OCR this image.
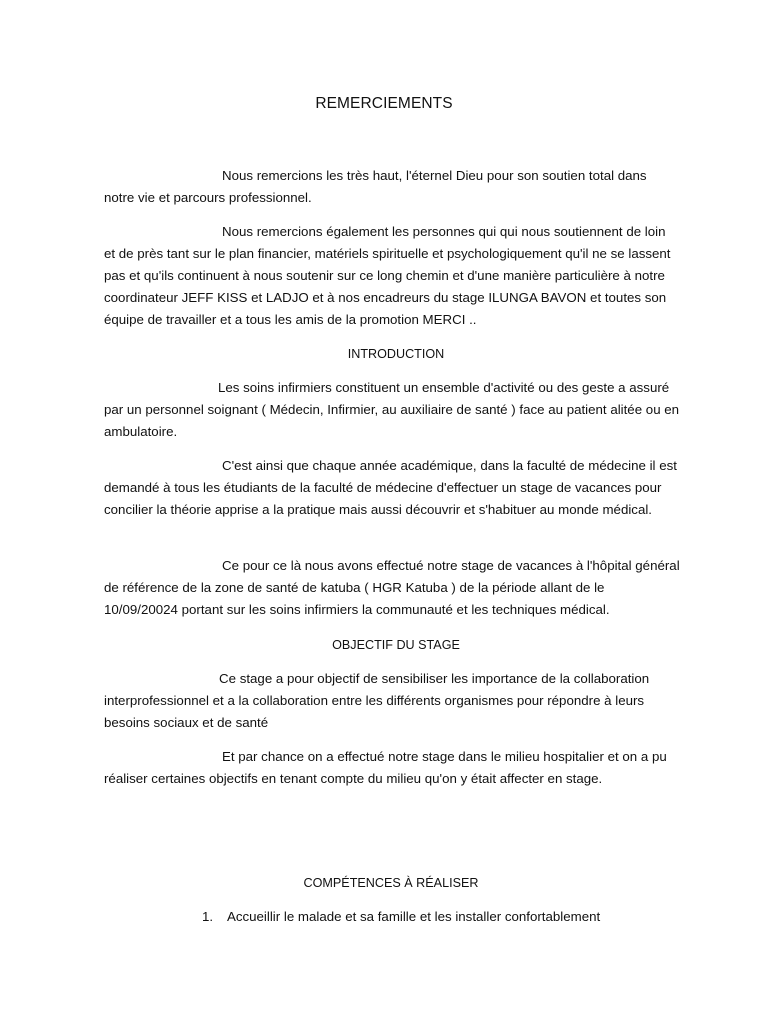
REMERCIEMENTS

Nous remercions les très haut, l'éternel Dieu pour son soutien total dans notre vie et parcours professionnel.

Nous remercions également les personnes qui qui nous soutiennent de loin et de près tant sur le plan financier, matériels spirituelle et psychologiquement qu'il ne se lassent pas et qu'ils continuent à nous soutenir sur ce long chemin et d'une manière particulière à notre coordinateur JEFF KISS et LADJO et à nos encadreurs du stage ILUNGA BAVON et toutes son équipe de travailler et a tous les amis de la promotion MERCI ..

INTRODUCTION

Les soins infirmiers constituent un ensemble d'activité ou des geste a assuré par un personnel soignant ( Médecin, Infirmier, au auxiliaire de santé ) face au patient alitée ou en ambulatoire.

C'est ainsi que chaque année académique, dans la faculté de médecine il est demandé à tous les étudiants de la faculté de médecine d'effectuer un stage de vacances pour concilier la théorie apprise a la pratique mais aussi découvrir et s'habituer au monde médical.

Ce pour ce là nous avons effectué notre stage de vacances à l'hôpital général de référence de la zone de santé de katuba ( HGR Katuba ) de la période allant de le 10/09/20024 portant sur les soins infirmiers la communauté et les techniques médical.

OBJECTIF DU STAGE

Ce stage a pour objectif de sensibiliser les importance de la collaboration interprofessionnel et a la collaboration entre les différents organismes pour répondre à leurs besoins sociaux et de santé

Et par chance on a effectué notre stage dans le milieu hospitalier et on a pu réaliser certaines objectifs en tenant compte du milieu qu'on y était affecter en stage.

COMPÉTENCES À RÉALISER
1. Accueillir le malade et sa famille et les installer confortablement
